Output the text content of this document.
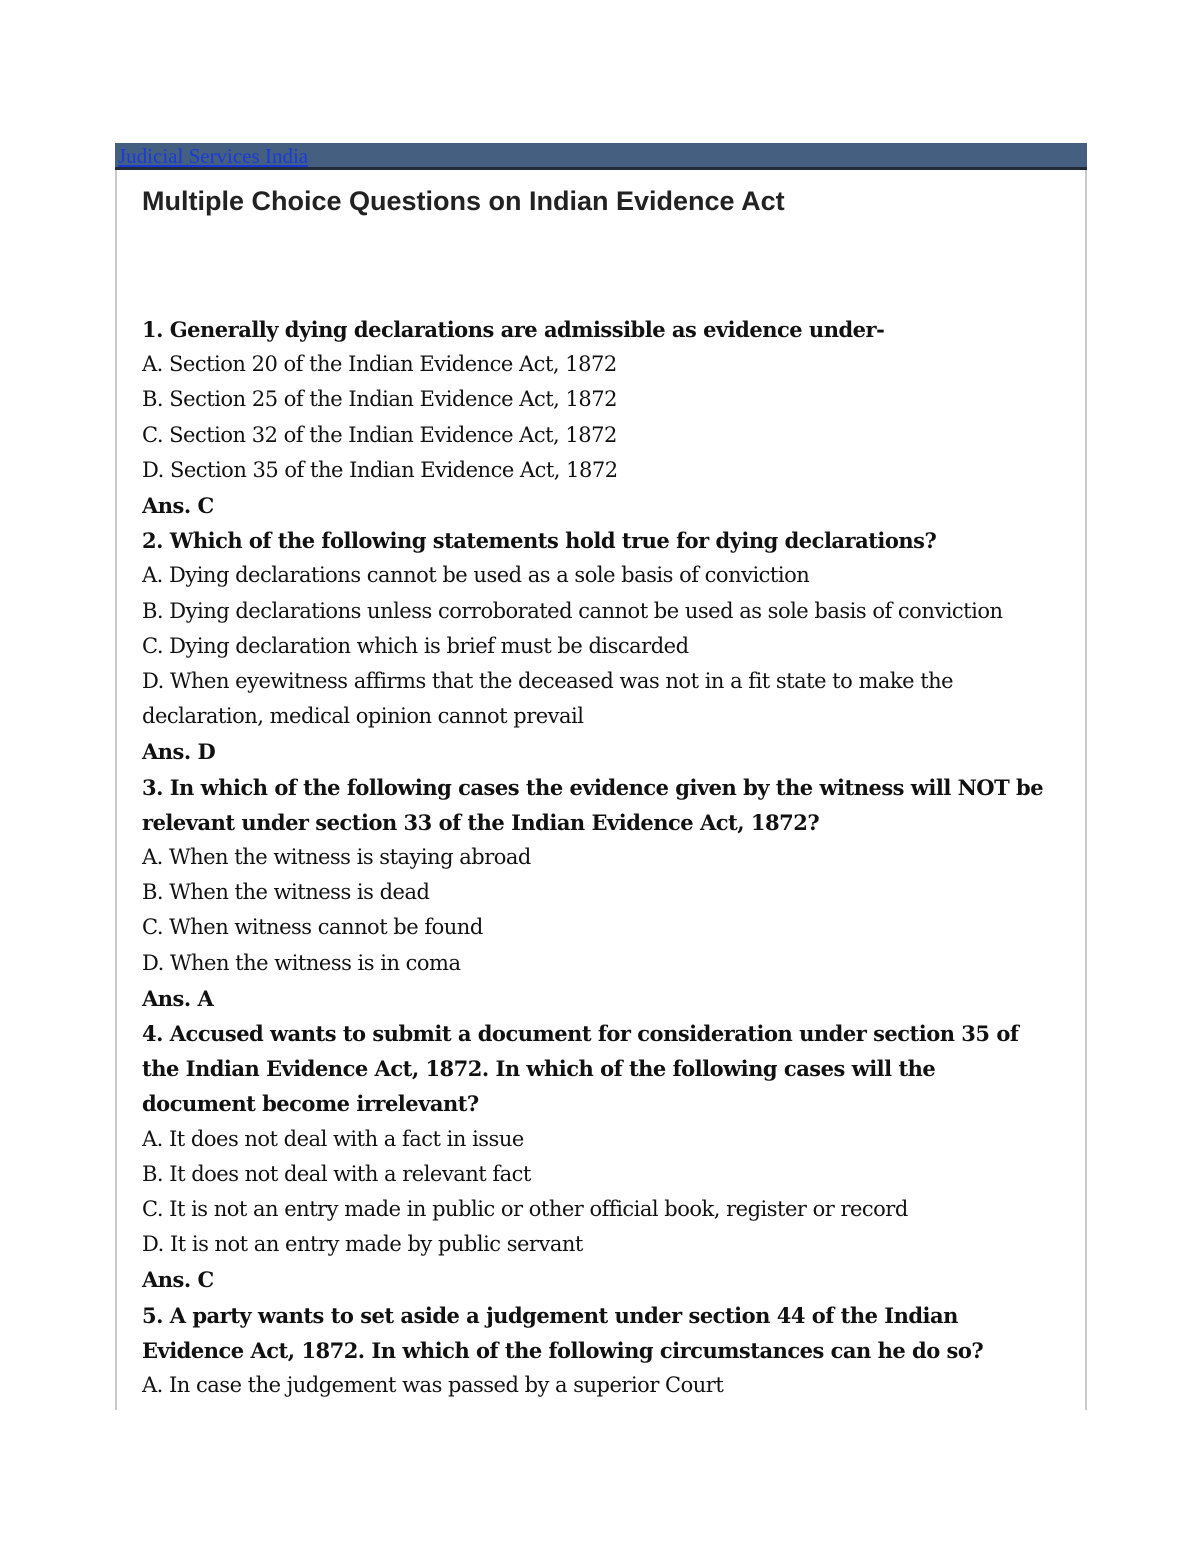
Judicial Services India
Multiple Choice Questions on Indian Evidence Act
1. Generally dying declarations are admissible as evidence under-
A. Section 20 of the Indian Evidence Act, 1872
B. Section 25 of the Indian Evidence Act, 1872
C. Section 32 of the Indian Evidence Act, 1872
D. Section 35 of the Indian Evidence Act, 1872
Ans. C
2. Which of the following statements hold true for dying declarations?
A. Dying declarations cannot be used as a sole basis of conviction
B. Dying declarations unless corroborated cannot be used as sole basis of conviction
C. Dying declaration which is brief must be discarded
D. When eyewitness affirms that the deceased was not in a fit state to make the declaration, medical opinion cannot prevail
Ans. D
3. In which of the following cases the evidence given by the witness will NOT be relevant under section 33 of the Indian Evidence Act, 1872?
A. When the witness is staying abroad
B. When the witness is dead
C. When witness cannot be found
D. When the witness is in coma
Ans. A
4. Accused wants to submit a document for consideration under section 35 of the Indian Evidence Act, 1872. In which of the following cases will the document become irrelevant?
A. It does not deal with a fact in issue
B. It does not deal with a relevant fact
C. It is not an entry made in public or other official book, register or record
D. It is not an entry made by public servant
Ans. C
5. A party wants to set aside a judgement under section 44 of the Indian Evidence Act, 1872. In which of the following circumstances can he do so?
A. In case the judgement was passed by a superior Court
